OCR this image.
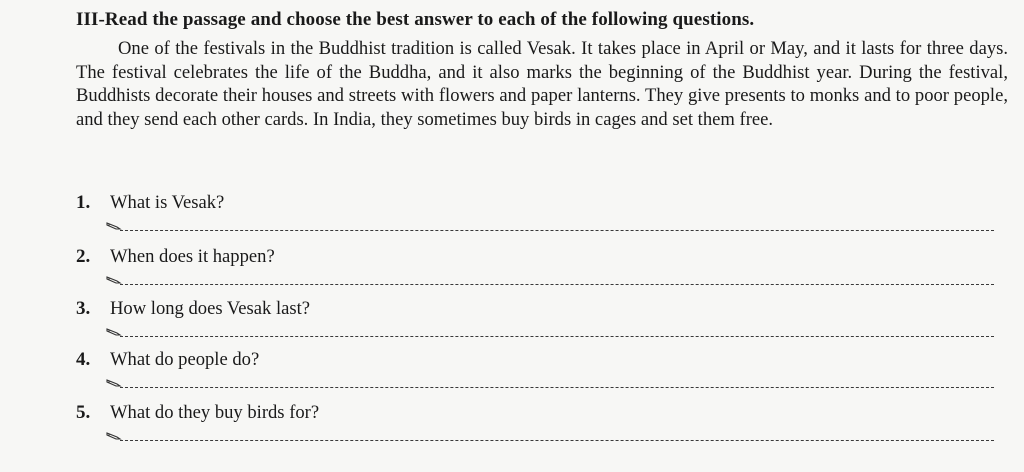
III-Read the passage and choose the best answer to each of the following questions.
One of the festivals in the Buddhist tradition is called Vesak. It takes place in April or May, and it lasts for three days. The festival celebrates the life of the Buddha, and it also marks the beginning of the Buddhist year. During the festival, Buddhists decorate their houses and streets with flowers and paper lanterns. They give presents to monks and to poor people, and they send each other cards. In India, they sometimes buy birds in cages and set them free.
1. What is Vesak?
2. When does it happen?
3. How long does Vesak last?
4. What do people do?
5. What do they buy birds for?
